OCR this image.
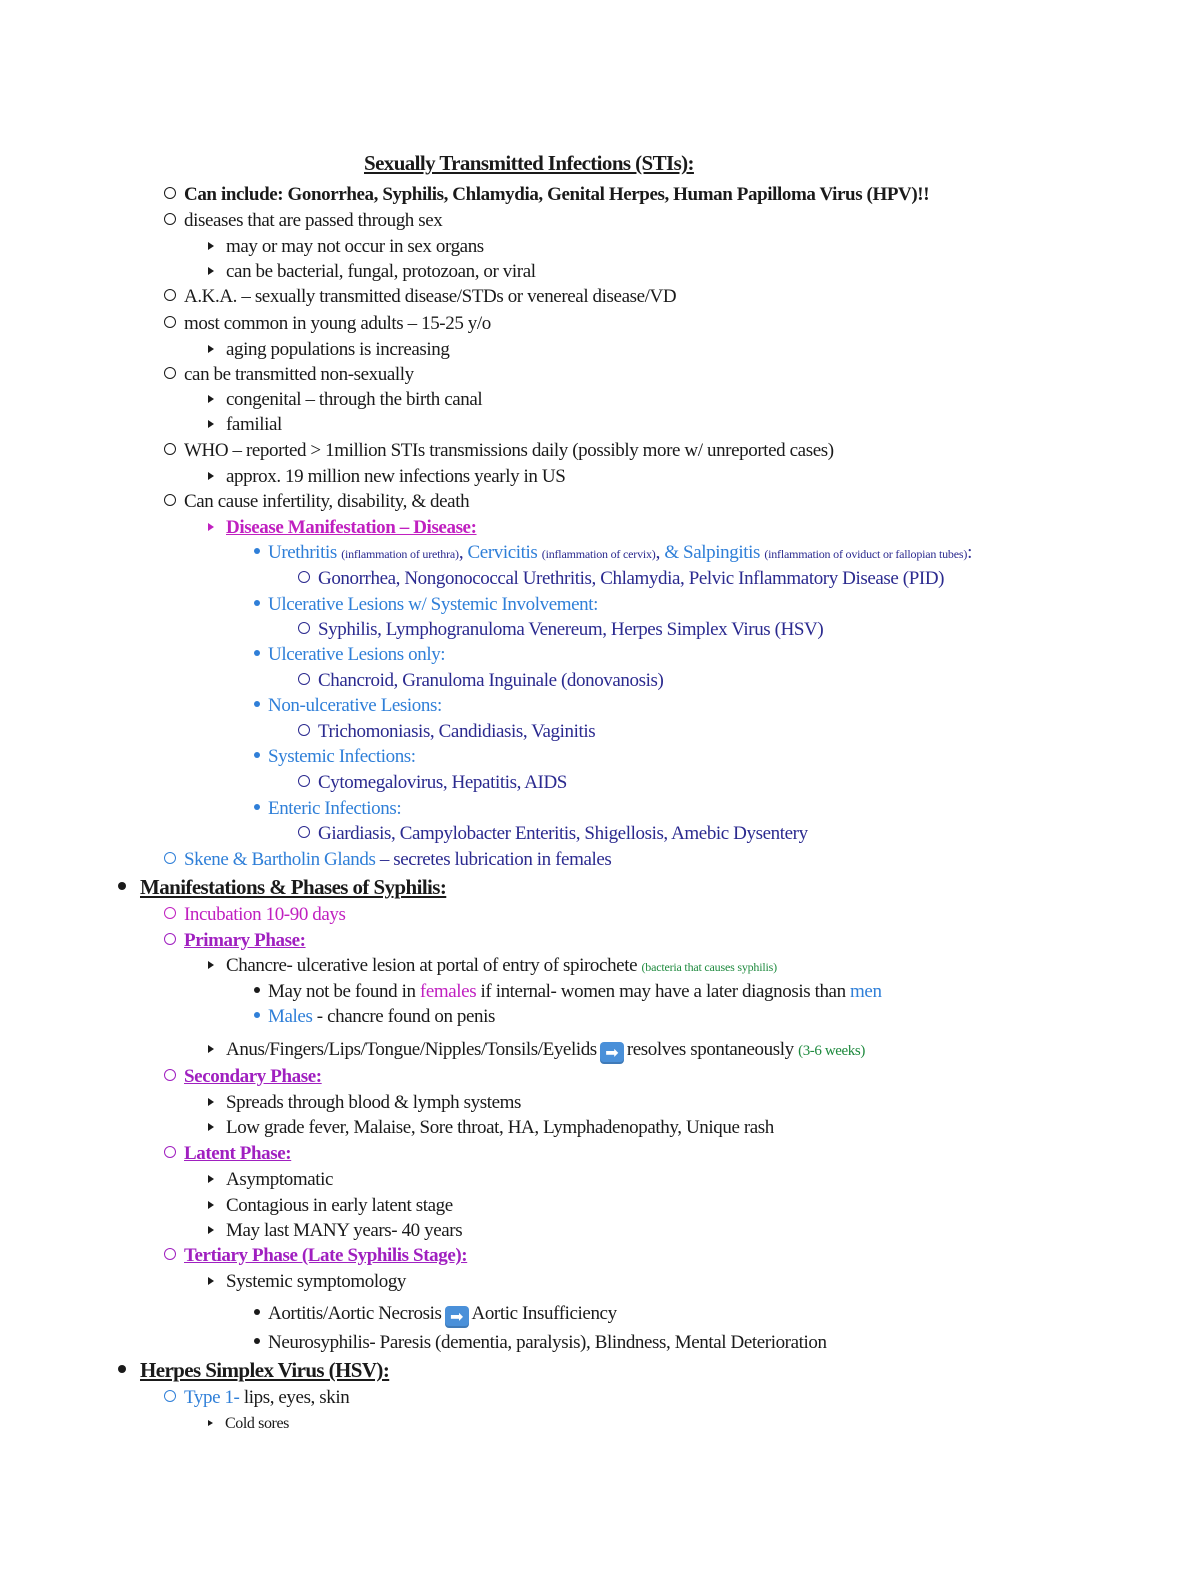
Sexually Transmitted Infections (STIs):
Can include: Gonorrhea, Syphilis, Chlamydia, Genital Herpes, Human Papilloma Virus (HPV)!!
diseases that are passed through sex
may or may not occur in sex organs
can be bacterial, fungal, protozoan, or viral
A.K.A. – sexually transmitted disease/STDs or venereal disease/VD
most common in young adults – 15-25 y/o
aging populations is increasing
can be transmitted non-sexually
congenital – through the birth canal
familial
WHO – reported > 1million STIs transmissions daily (possibly more w/ unreported cases)
approx. 19 million new infections yearly in US
Can cause infertility, disability, & death
Disease Manifestation – Disease:
Urethritis (inflammation of urethra), Cervicitis (inflammation of cervix), & Salpingitis (inflammation of oviduct or fallopian tubes):
Gonorrhea, Nongonococcal Urethritis, Chlamydia, Pelvic Inflammatory Disease (PID)
Ulcerative Lesions w/ Systemic Involvement:
Syphilis, Lymphogranuloma Venereum, Herpes Simplex Virus (HSV)
Ulcerative Lesions only:
Chancroid, Granuloma Inguinale (donovanosis)
Non-ulcerative Lesions:
Trichomoniasis, Candidiasis, Vaginitis
Systemic Infections:
Cytomegalovirus, Hepatitis, AIDS
Enteric Infections:
Giardiasis, Campylobacter Enteritis, Shigellosis, Amebic Dysentery
Skene & Bartholin Glands – secretes lubrication in females
Manifestations & Phases of Syphilis:
Incubation 10-90 days
Primary Phase:
Chancre- ulcerative lesion at portal of entry of spirochete (bacteria that causes syphilis)
May not be found in females if internal- women may have a later diagnosis than men
Males - chancre found on penis
Anus/Fingers/Lips/Tongue/Nipples/Tonsils/Eyelids ➡ resolves spontaneously (3-6 weeks)
Secondary Phase:
Spreads through blood & lymph systems
Low grade fever, Malaise, Sore throat, HA, Lymphadenopathy, Unique rash
Latent Phase:
Asymptomatic
Contagious in early latent stage
May last MANY years- 40 years
Tertiary Phase (Late Syphilis Stage):
Systemic symptomology
Aortitis/Aortic Necrosis ➡ Aortic Insufficiency
Neurosyphilis- Paresis (dementia, paralysis), Blindness, Mental Deterioration
Herpes Simplex Virus (HSV):
Type 1- lips, eyes, skin
Cold sores
